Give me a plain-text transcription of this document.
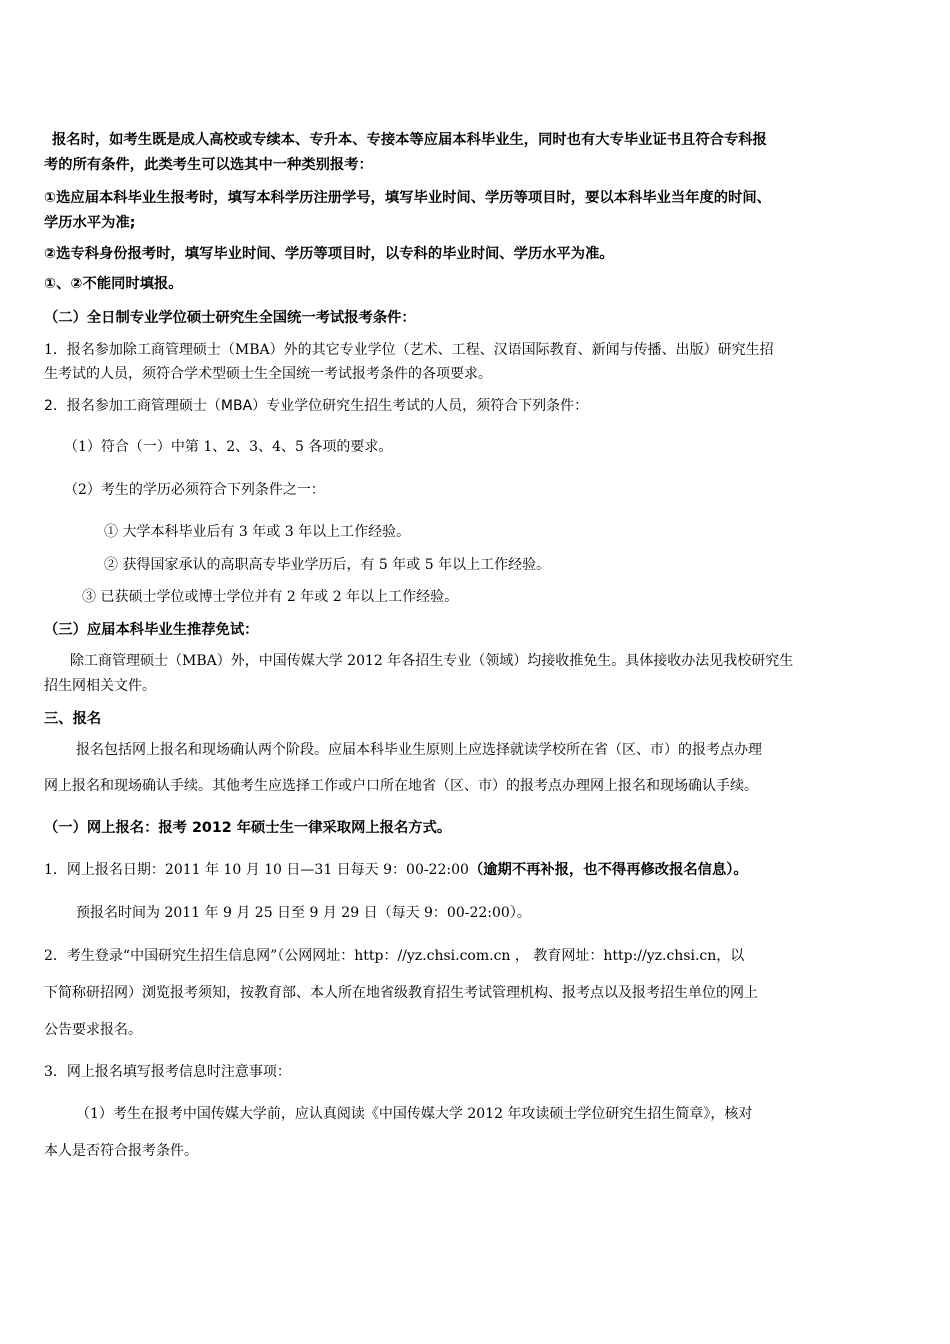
报名时，如考生既是成人高校或专续本、专升本、专接本等应届本科毕业生，同时也有大专毕业证书且符合专科报
考的所有条件，此类考生可以选其中一种类别报考：
①选应届本科毕业生报考时，填写本科学历注册学号，填写毕业时间、学历等项目时，要以本科毕业当年度的时间、
学历水平为准;
②选专科身份报考时，填写毕业时间、学历等项目时，以专科的毕业时间、学历水平为准。
①、②不能同时填报。
（二）全日制专业学位硕士研究生全国统一考试报考条件：
1．报名参加除工商管理硕士（MBA）外的其它专业学位（艺术、工程、汉语国际教育、新闻与传播、出版）研究生招
生考试的人员，须符合学术型硕士生全国统一考试报考条件的各项要求。
2．报名参加工商管理硕士（MBA）专业学位研究生招生考试的人员，须符合下列条件：
（1）符合（一）中第 1、2、3、4、5 各项的要求。
（2）考生的学历必须符合下列条件之一：
① 大学本科毕业后有 3 年或 3 年以上工作经验。
② 获得国家承认的高职高专毕业学历后，有 5 年或 5 年以上工作经验。
③ 已获硕士学位或博士学位并有 2 年或 2 年以上工作经验。
（三）应届本科毕业生推荐免试：
除工商管理硕士（MBA）外，中国传媒大学 2012 年各招生专业（领域）均接收推免生。具体接收办法见我校研究生
招生网相关文件。
三、报名
报名包括网上报名和现场确认两个阶段。应届本科毕业生原则上应选择就读学校所在省（区、市）的报考点办理
网上报名和现场确认手续。其他考生应选择工作或户口所在地省（区、市）的报考点办理网上报名和现场确认手续。
（一）网上报名：报考 2012 年硕士生一律采取网上报名方式。
1．网上报名日期：2011 年 10 月 10 日—31 日每天 9：00-22:00（逾期不再补报，也不得再修改报名信息）。
预报名时间为 2011 年 9 月 25 日至 9 月 29 日（每天 9：00-22:00）。
2．考生登录“中国研究生招生信息网”（公网网址：http：//yz.chsi.com.cn ， 教育网址：http://yz.chsi.cn，以
下简称研招网）浏览报考须知，按教育部、本人所在地省级教育招生考试管理机构、报考点以及报考招生单位的网上
公告要求报名。
3．网上报名填写报考信息时注意事项：
（1）考生在报考中国传媒大学前，应认真阅读《中国传媒大学 2012 年攻读硕士学位研究生招生简章》，核对
本人是否符合报考条件。
